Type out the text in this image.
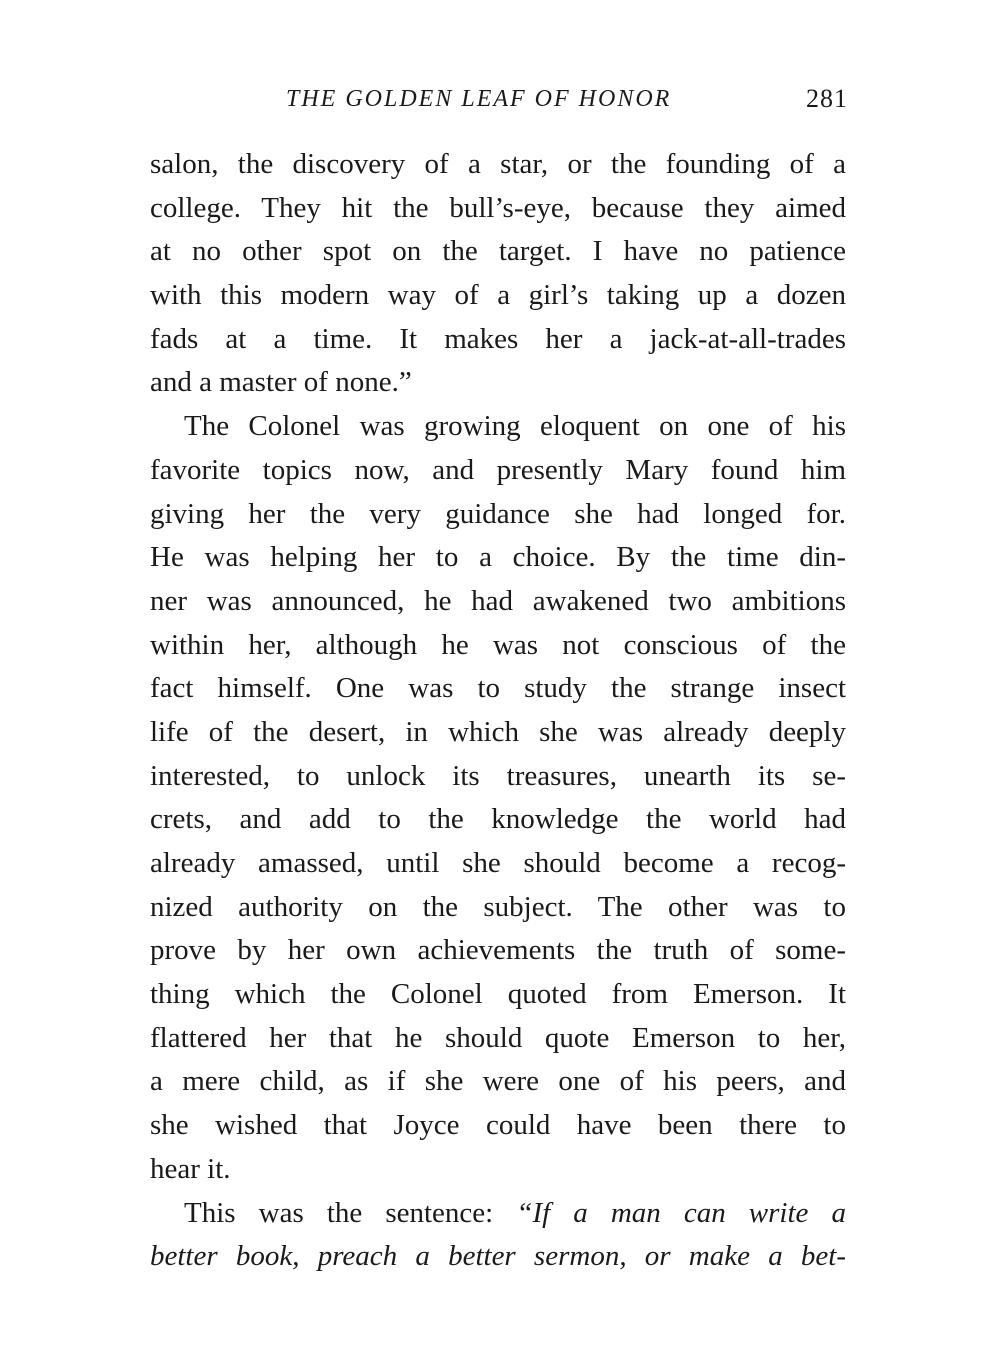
THE GOLDEN LEAF OF HONOR	281
salon, the discovery of a star, or the founding of a
college. They hit the bull’s-eye, because they aimed
at no other spot on the target. I have no patience
with this modern way of a girl’s taking up a dozen
fads at a time. It makes her a jack-at-all-trades
and a master of none.”
The Colonel was growing eloquent on one of his
favorite topics now, and presently Mary found him
giving her the very guidance she had longed for.
He was helping her to a choice. By the time din-
ner was announced, he had awakened two ambitions
within her, although he was not conscious of the
fact himself. One was to study the strange insect
life of the desert, in which she was already deeply
interested, to unlock its treasures, unearth its se-
crets, and add to the knowledge the world had
already amassed, until she should become a recog-
nized authority on the subject. The other was to
prove by her own achievements the truth of some-
thing which the Colonel quoted from Emerson. It
flattered her that he should quote Emerson to her,
a mere child, as if she were one of his peers, and
she wished that Joyce could have been there to
hear it.
This was the sentence: “If a man can write a
better book, preach a better sermon, or make a bet-
